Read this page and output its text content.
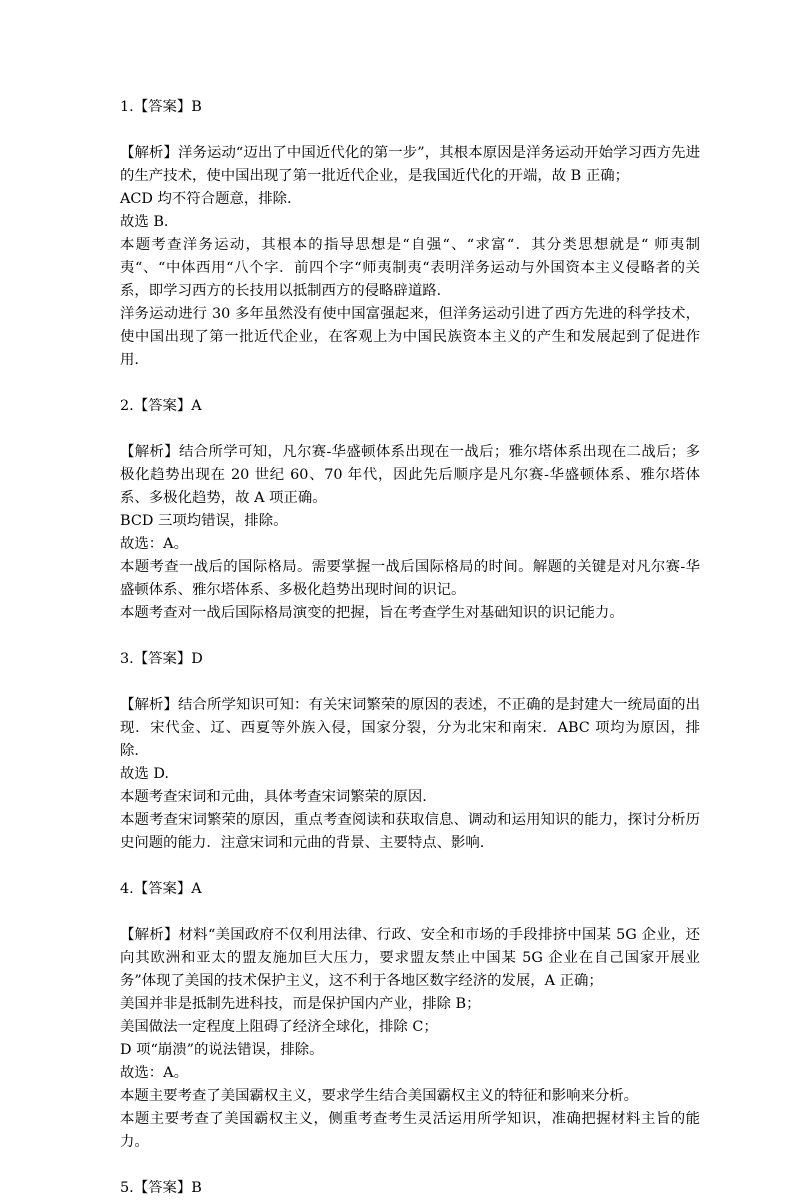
1.【答案】B

【解析】洋务运动“迈出了中国近代化的第一步”，其根本原因是洋务运动开始学习西方先进的生产技术，使中国出现了第一批近代企业，是我国近代化的开端，故 B 正确；

ACD 均不符合题意，排除.

故选 B.

本题考查洋务运动，其根本的指导思想是“自强“、“求富“．其分类思想就是“ 师夷制夷“、“中体西用“八个字．前四个字“师夷制夷“表明洋务运动与外国资本主义侵略者的关系，即学习西方的长技用以抵制西方的侵略辟道路．

洋务运动进行 30 多年虽然没有使中国富强起来，但洋务运动引进了西方先进的科学技术，使中国出现了第一批近代企业，在客观上为中国民族资本主义的产生和发展起到了促进作用.

2.【答案】A

【解析】结合所学可知，凡尔赛-华盛顿体系出现在一战后；雅尔塔体系出现在二战后；多极化趋势出现在 20 世纪 60、70 年代，因此先后顺序是凡尔赛-华盛顿体系、雅尔塔体系、多极化趋势，故 A 项正确。

BCD 三项均错误，排除。

故选：A。

本题考查一战后的国际格局。需要掌握一战后国际格局的时间。解题的关键是对凡尔赛-华盛顿体系、雅尔塔体系、多极化趋势出现时间的识记。

本题考查对一战后国际格局演变的把握，旨在考查学生对基础知识的识记能力。

3.【答案】D

【解析】结合所学知识可知：有关宋词繁荣的原因的表述，不正确的是封建大一统局面的出现．宋代金、辽、西夏等外族入侵，国家分裂，分为北宋和南宋．ABC 项均为原因，排除．

故选 D.

本题考查宋词和元曲，具体考查宋词繁荣的原因.

本题考查宋词繁荣的原因，重点考查阅读和获取信息、调动和运用知识的能力，探讨分析历史问题的能力．注意宋词和元曲的背景、主要特点、影响.

4.【答案】A

【解析】材料“美国政府不仅利用法律、行政、安全和市场的手段排挤中国某 5G 企业，还向其欧洲和亚太的盟友施加巨大压力，要求盟友禁止中国某 5G 企业在自己国家开展业务”体现了美国的技术保护主义，这不利于各地区数字经济的发展，A 正确；

美国并非是抵制先进科技，而是保护国内产业，排除 B；

美国做法一定程度上阻碍了经济全球化，排除 C；

D 项“崩溃”的说法错误，排除。

故选：A。

本题主要考查了美国霸权主义，要求学生结合美国霸权主义的特征和影响来分析。

本题主要考查了美国霸权主义，侧重考查考生灵活运用所学知识，准确把握材料主旨的能力。

5.【答案】B
